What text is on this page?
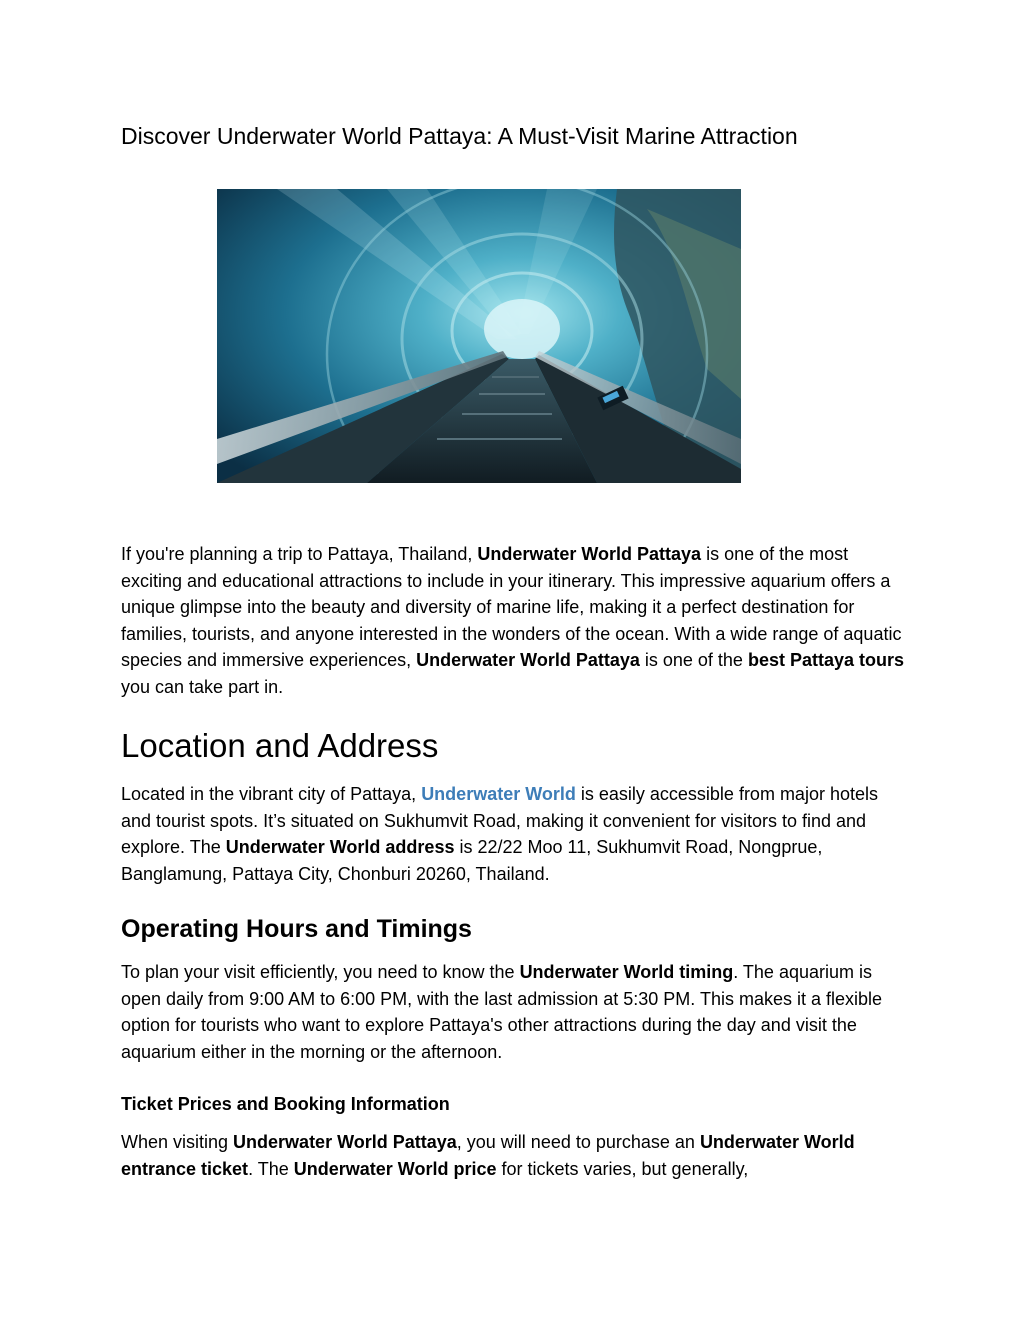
Discover Underwater World Pattaya: A Must-Visit Marine Attraction
If you're planning a trip to Pattaya, Thailand, Underwater World Pattaya is one of the most exciting and educational attractions to include in your itinerary. This impressive aquarium offers a unique glimpse into the beauty and diversity of marine life, making it a perfect destination for families, tourists, and anyone interested in the wonders of the ocean. With a wide range of aquatic species and immersive experiences, Underwater World Pattaya is one of the best Pattaya tours you can take part in.
Location and Address
Located in the vibrant city of Pattaya, Underwater World is easily accessible from major hotels and tourist spots. It’s situated on Sukhumvit Road, making it convenient for visitors to find and explore. The Underwater World address is 22/22 Moo 11, Sukhumvit Road, Nongprue, Banglamung, Pattaya City, Chonburi 20260, Thailand.
Operating Hours and Timings
To plan your visit efficiently, you need to know the Underwater World timing. The aquarium is open daily from 9:00 AM to 6:00 PM, with the last admission at 5:30 PM. This makes it a flexible option for tourists who want to explore Pattaya's other attractions during the day and visit the aquarium either in the morning or the afternoon.
Ticket Prices and Booking Information
When visiting Underwater World Pattaya, you will need to purchase an Underwater World entrance ticket. The Underwater World price for tickets varies, but generally,
